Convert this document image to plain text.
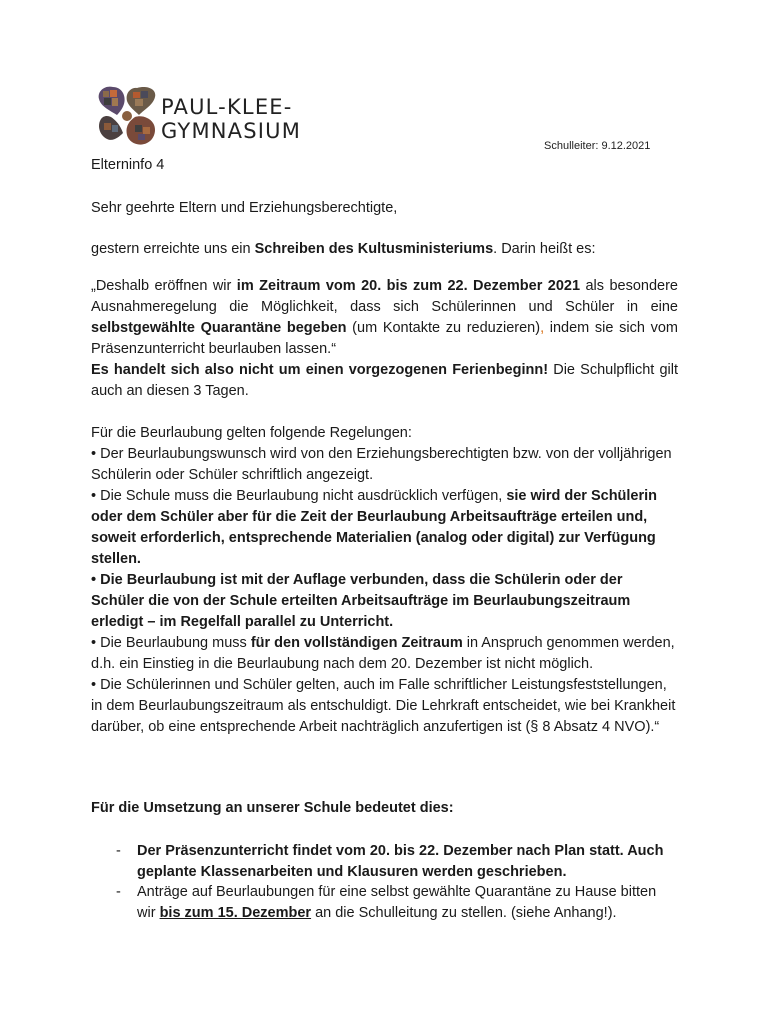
PAUL-KLEE-
GYMNASIUM
Schulleiter: 9.12.2021
Elterninfo 4
Sehr geehrte Eltern und Erziehungsberechtigte,
gestern erreichte uns ein Schreiben des Kultusministeriums. Darin heißt es:
„Deshalb eröffnen wir im Zeitraum vom 20. bis zum 22. Dezember 2021 als besondere Ausnahmeregelung die Möglichkeit, dass sich Schülerinnen und Schüler in eine selbstgewählte Quarantäne begeben (um Kontakte zu reduzieren), indem sie sich vom Präsenzunterricht beurlauben lassen.“
Es handelt sich also nicht um einen vorgezogenen Ferienbeginn! Die Schulpflicht gilt auch an diesen 3 Tagen.
Für die Beurlaubung gelten folgende Regelungen:
• Der Beurlaubungswunsch wird von den Erziehungsberechtigten bzw. von der volljährigen Schülerin oder Schüler schriftlich angezeigt.
• Die Schule muss die Beurlaubung nicht ausdrücklich verfügen, sie wird der Schülerin oder dem Schüler aber für die Zeit der Beurlaubung Arbeitsaufträge erteilen und, soweit erforderlich, entsprechende Materialien (analog oder digital) zur Verfügung stellen.
• Die Beurlaubung ist mit der Auflage verbunden, dass die Schülerin oder der Schüler die von der Schule erteilten Arbeitsaufträge im Beurlaubungszeitraum erledigt – im Regelfall parallel zu Unterricht.
• Die Beurlaubung muss für den vollständigen Zeitraum in Anspruch genommen werden, d.h. ein Einstieg in die Beurlaubung nach dem 20. Dezember ist nicht möglich.
• Die Schülerinnen und Schüler gelten, auch im Falle schriftlicher Leistungsfeststellungen, in dem Beurlaubungszeitraum als entschuldigt. Die Lehrkraft entscheidet, wie bei Krankheit darüber, ob eine entsprechende Arbeit nachträglich anzufertigen ist (§ 8 Absatz 4 NVO).“
Für die Umsetzung an unserer Schule bedeutet dies:
- Der Präsenzunterricht findet vom 20. bis 22. Dezember nach Plan statt. Auch geplante Klassenarbeiten und Klausuren werden geschrieben.
- Anträge auf Beurlaubungen für eine selbst gewählte Quarantäne zu Hause bitten wir bis zum 15. Dezember an die Schulleitung zu stellen. (siehe Anhang!).
